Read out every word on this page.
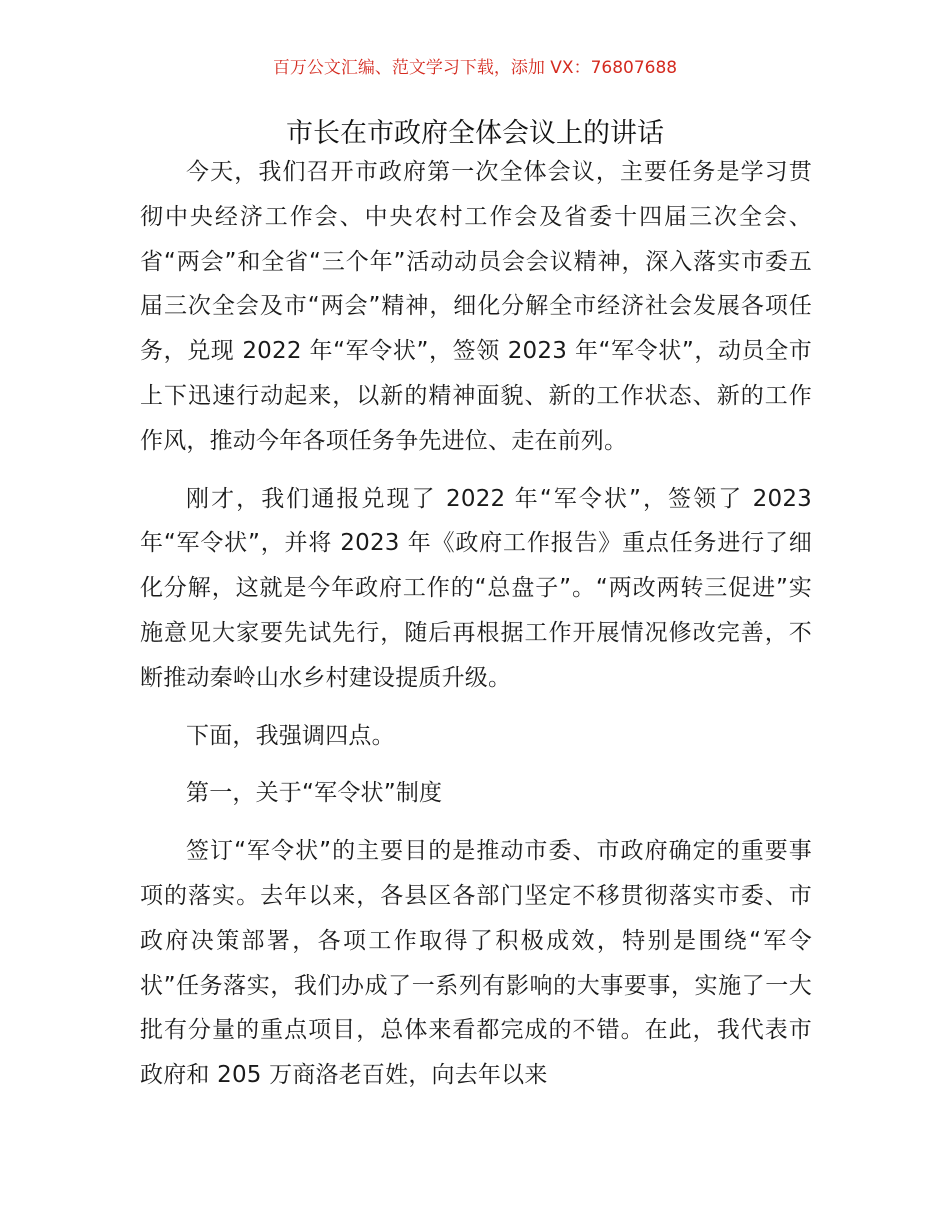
百万公文汇编、范文学习下载，添加 VX：76807688
市长在市政府全体会议上的讲话

今天，我们召开市政府第一次全体会议，主要任务是学习贯彻中央经济工作会、中央农村工作会及省委十四届三次全会、省“两会”和全省“三个年”活动动员会会议精神，深入落实市委五届三次全会及市“两会”精神，细化分解全市经济社会发展各项任务，兑现 2022 年“军令状”，签领 2023 年“军令状”，动员全市上下迅速行动起来，以新的精神面貌、新的工作状态、新的工作作风，推动今年各项任务争先进位、走在前列。

刚才，我们通报兑现了 2022 年“军令状”，签领了 2023 年“军令状”，并将 2023 年《政府工作报告》重点任务进行了细化分解，这就是今年政府工作的“总盘子”。“两改两转三促进”实施意见大家要先试先行，随后再根据工作开展情况修改完善，不断推动秦岭山水乡村建设提质升级。

下面，我强调四点。

第一，关于“军令状”制度

签订“军令状”的主要目的是推动市委、市政府确定的重要事项的落实。去年以来，各县区各部门坚定不移贯彻落实市委、市政府决策部署，各项工作取得了积极成效，特别是围绕“军令状”任务落实，我们办成了一系列有影响的大事要事，实施了一大批有分量的重点项目，总体来看都完成的不错。在此，我代表市政府和 205 万商洛老百姓，向去年以来
